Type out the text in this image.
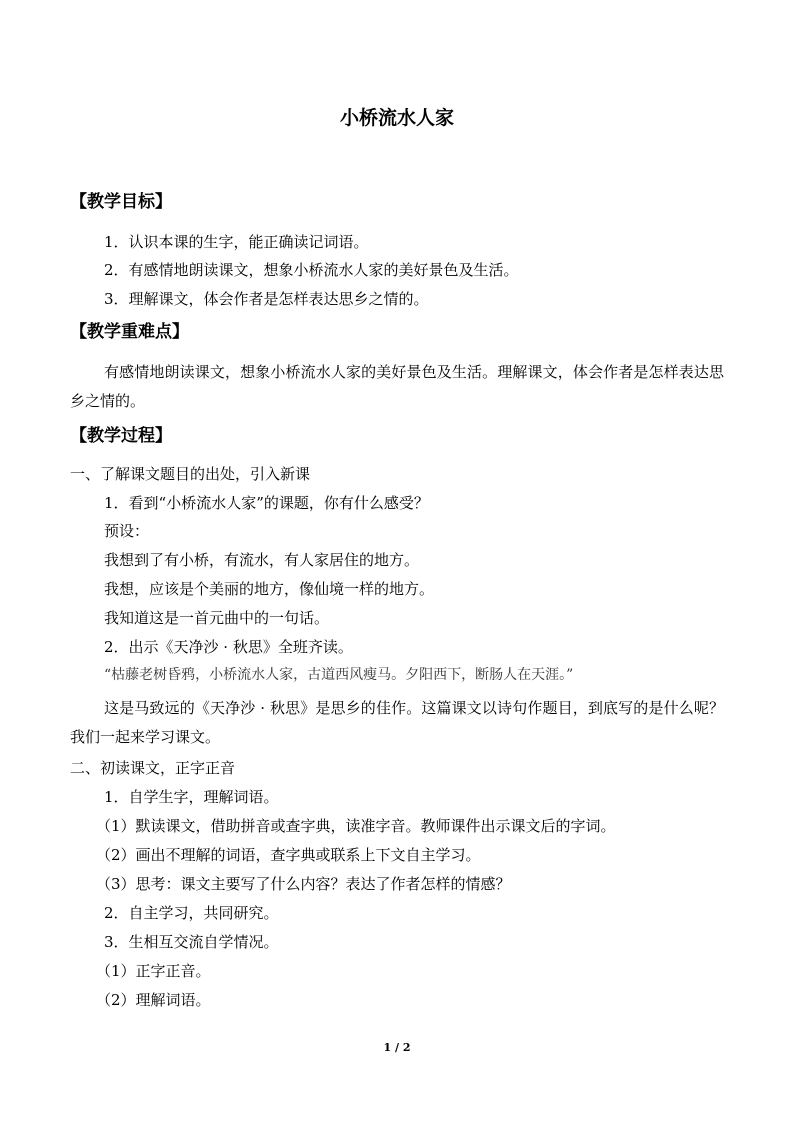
小桥流水人家
【教学目标】
1．认识本课的生字，能正确读记词语。
2．有感情地朗读课文，想象小桥流水人家的美好景色及生活。
3．理解课文，体会作者是怎样表达思乡之情的。
【教学重难点】
有感情地朗读课文，想象小桥流水人家的美好景色及生活。理解课文，体会作者是怎样表达思乡之情的。
【教学过程】
一、了解课文题目的出处，引入新课
1．看到“小桥流水人家”的课题，你有什么感受？
预设：
我想到了有小桥，有流水，有人家居住的地方。
我想，应该是个美丽的地方，像仙境一样的地方。
我知道这是一首元曲中的一句话。
2．出示《天净沙 · 秋思》全班齐读。
“枯藤老树昏鸦，小桥流水人家，古道西风瘦马。夕阳西下，断肠人在天涯。”
这是马致远的《天净沙 · 秋思》是思乡的佳作。这篇课文以诗句作题目，到底写的是什么呢？我们一起来学习课文。
二、初读课文，正字正音
1．自学生字，理解词语。
（1）默读课文，借助拼音或查字典，读准字音。教师课件出示课文后的字词。
（2）画出不理解的词语，查字典或联系上下文自主学习。
（3）思考：课文主要写了什么内容？表达了作者怎样的情感？
2．自主学习，共同研究。
3．生相互交流自学情况。
（1）正字正音。
（2）理解词语。
1 / 2
